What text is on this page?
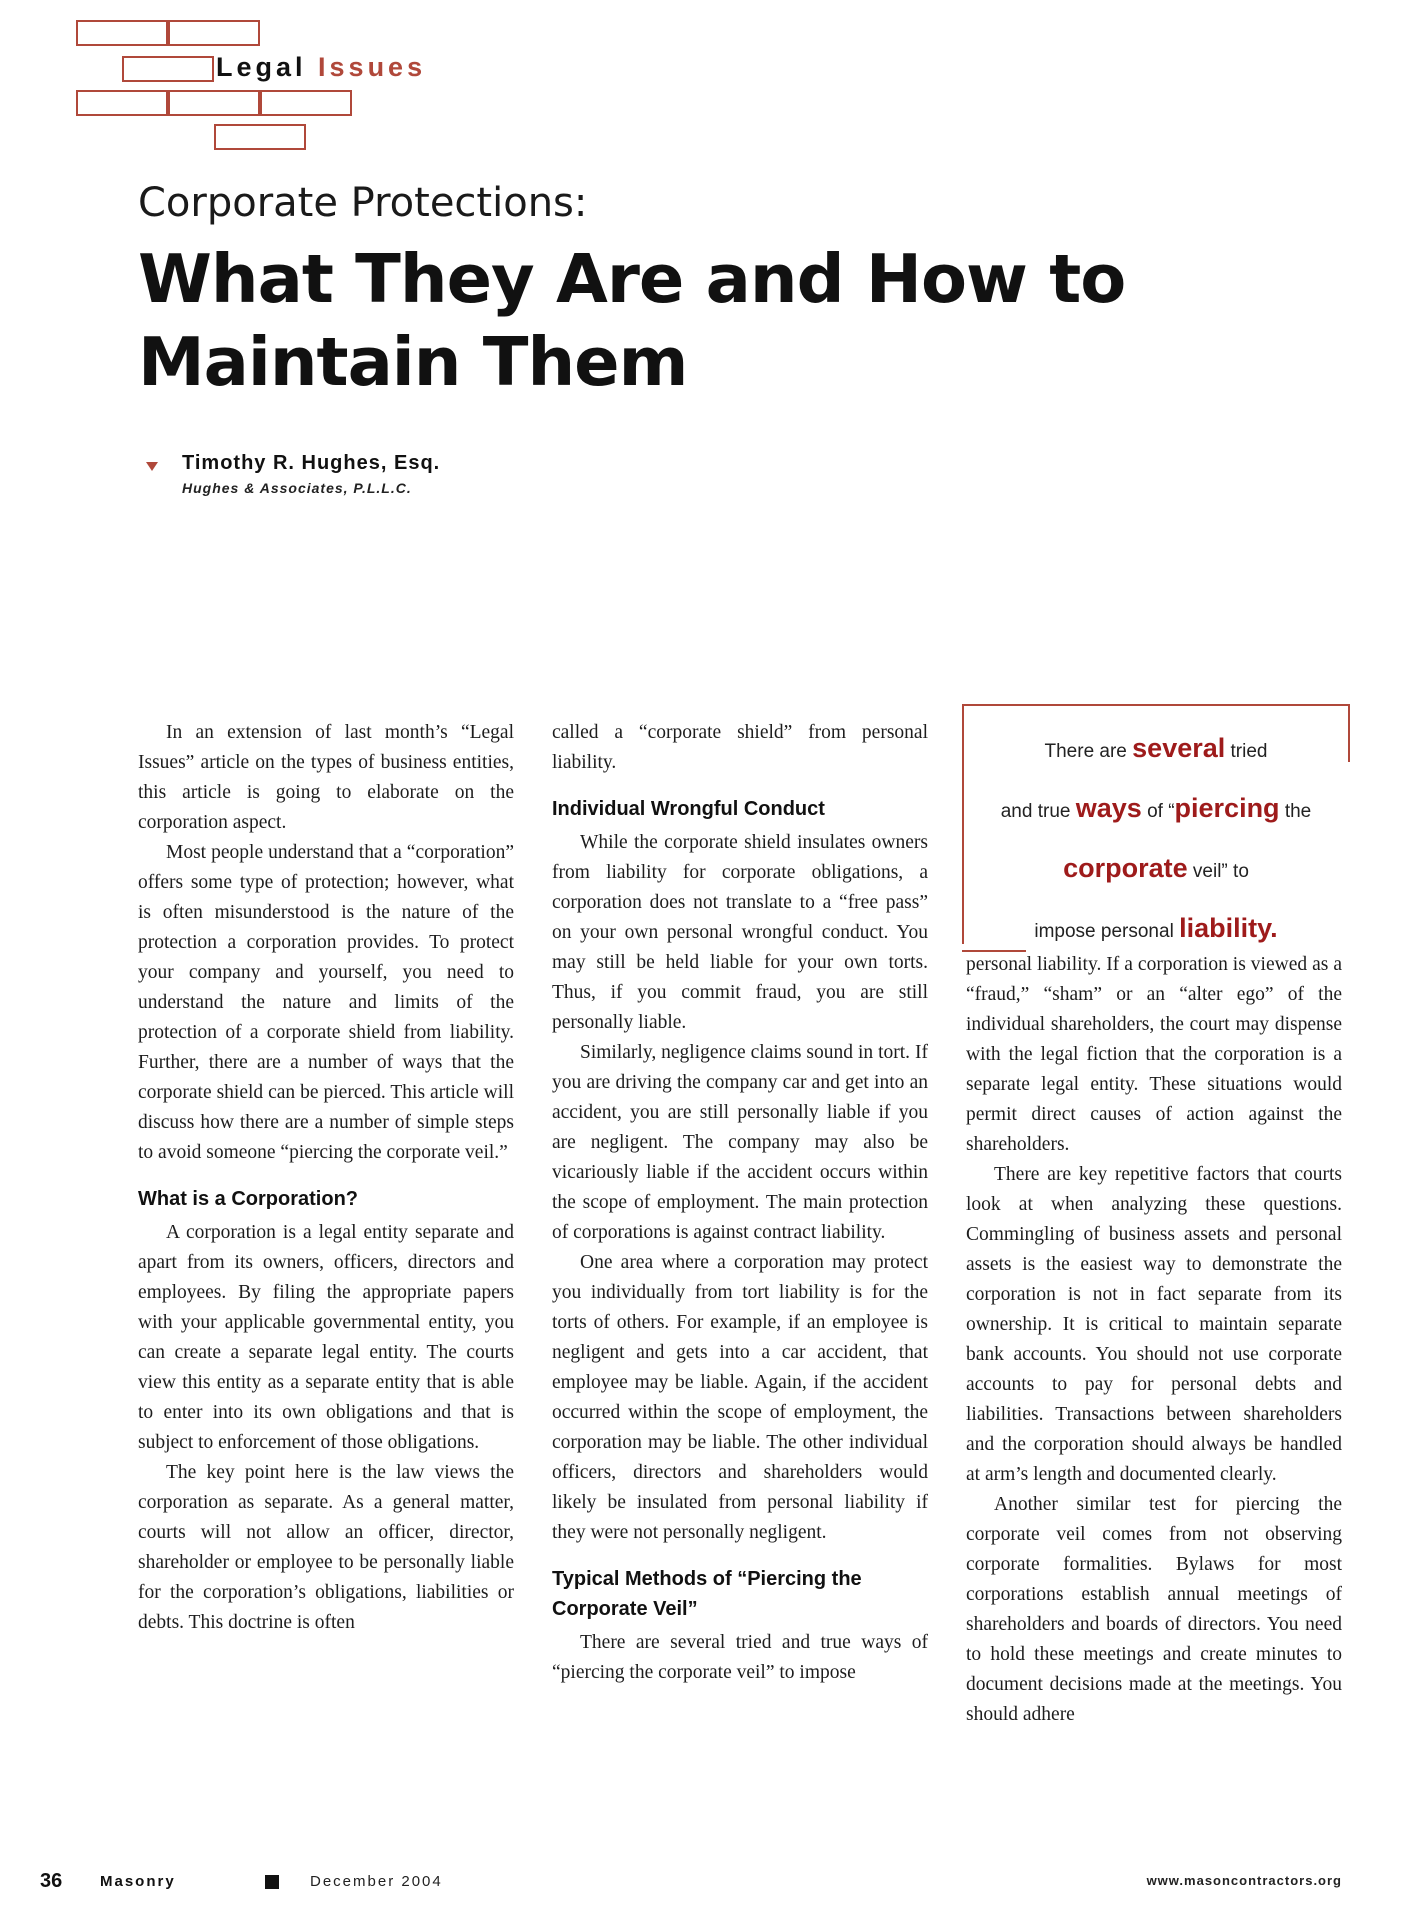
Legal Issues
Corporate Protections:
What They Are and How to Maintain Them
Timothy R. Hughes, Esq.
Hughes & Associates, P.L.L.C.

In an extension of last month’s “Legal Issues” article on the types of business entities, this article is going to elaborate on the corporation aspect.

Most people understand that a “corporation” offers some type of protection; however, what is often misunderstood is the nature of the protection a corporation provides. To protect your company and yourself, you need to understand the nature and limits of the protection of a corporate shield from liability. Further, there are a number of ways that the corporate shield can be pierced. This article will discuss how there are a number of simple steps to avoid someone “piercing the corporate veil.”

What is a Corporation?

A corporation is a legal entity separate and apart from its owners, officers, directors and employees. By filing the appropriate papers with your applicable governmental entity, you can create a separate legal entity. The courts view this entity as a separate entity that is able to enter into its own obligations and that is subject to enforcement of those obligations.

The key point here is the law views the corporation as separate. As a general matter, courts will not allow an officer, director, shareholder or employee to be personally liable for the corporation’s obligations, liabilities or debts. This doctrine is often

called a “corporate shield” from personal liability.

Individual Wrongful Conduct

While the corporate shield insulates owners from liability for corporate obligations, a corporation does not translate to a “free pass” on your own personal wrongful conduct. You may still be held liable for your own torts. Thus, if you commit fraud, you are still personally liable.

Similarly, negligence claims sound in tort. If you are driving the company car and get into an accident, you are still personally liable if you are negligent. The company may also be vicariously liable if the accident occurs within the scope of employment. The main protection of corporations is against contract liability.

One area where a corporation may protect you individually from tort liability is for the torts of others. For example, if an employee is negligent and gets into a car accident, that employee may be liable. Again, if the accident occurred within the scope of employment, the corporation may be liable. The other individual officers, directors and shareholders would likely be insulated from personal liability if they were not personally negligent.

Typical Methods of “Piercing the Corporate Veil”

There are several tried and true ways of “piercing the corporate veil” to impose

There are several tried
and true ways of “piercing the
corporate veil” to
impose personal liability.

personal liability. If a corporation is viewed as a “fraud,” “sham” or an “alter ego” of the individual shareholders, the court may dispense with the legal fiction that the corporation is a separate legal entity. These situations would permit direct causes of action against the shareholders.

There are key repetitive factors that courts look at when analyzing these questions. Commingling of business assets and personal assets is the easiest way to demonstrate the corporation is not in fact separate from its ownership. It is critical to maintain separate bank accounts. You should not use corporate accounts to pay for personal debts and liabilities. Transactions between shareholders and the corporation should always be handled at arm’s length and documented clearly.

Another similar test for piercing the corporate veil comes from not observing corporate formalities. Bylaws for most corporations establish annual meetings of shareholders and boards of directors. You need to hold these meetings and create minutes to document decisions made at the meetings. You should adhere

36	Masonry	December 2004	www.masoncontractors.org
